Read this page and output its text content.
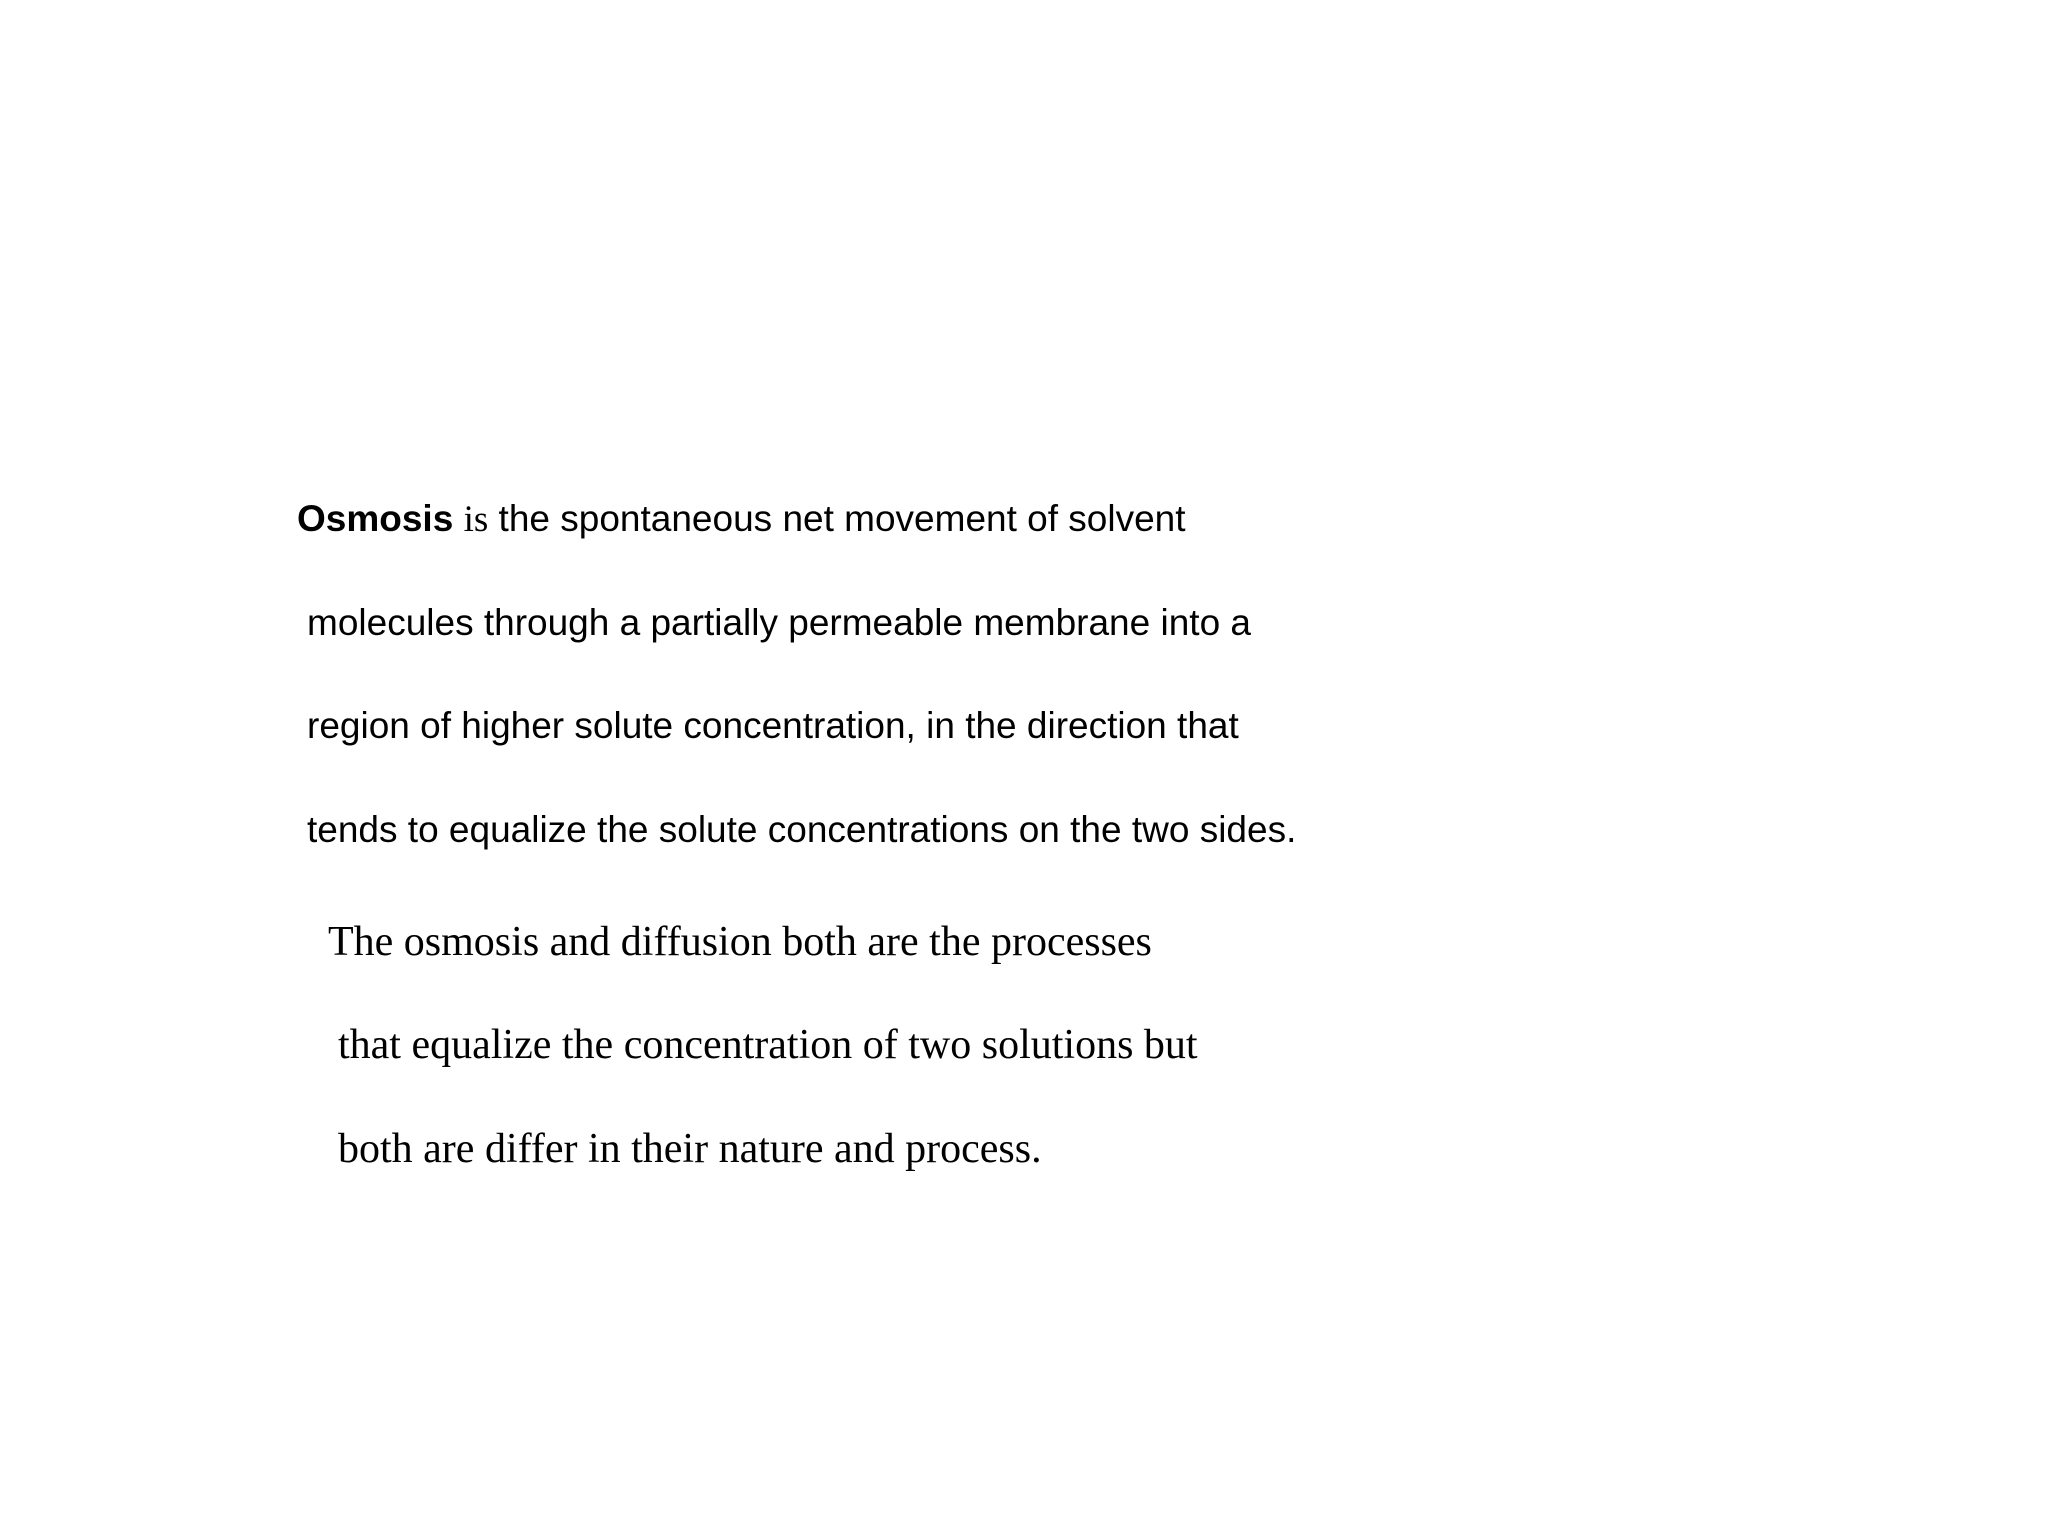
Osmosis is the spontaneous net movement of solvent
molecules through a partially permeable membrane into a
region of higher solute concentration, in the direction that
tends to equalize the solute concentrations on the two sides.
The osmosis and diffusion both are the processes
that equalize the concentration of two solutions but
both are differ in their nature and process.
